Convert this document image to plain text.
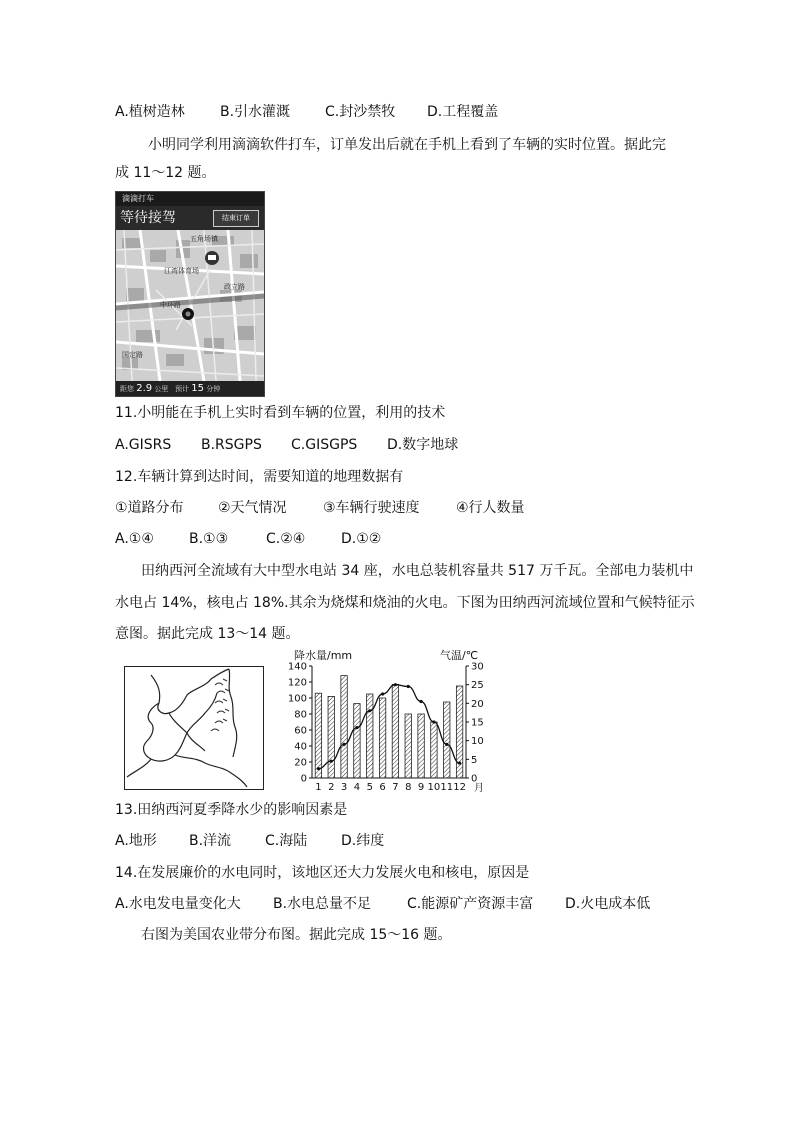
A.植树造林	B.引水灌溉 C.封沙禁牧 D.工程覆盖
小明同学利用滴滴软件打车，订单发出后就在手机上看到了车辆的实时位置。据此完
成 11～12 题。
滴滴打车
等待接驾	结束订单
五角场镇
中环路
江湾体育场
国定路
政立路
距您 2.9 公里 预计 15 分钟
11.小明能在手机上实时看到车辆的位置，利用的技术
A.GISRS B.RSGPS C.GISGPS D.数字地球
12.车辆计算到达时间，需要知道的地理数据有
①道路分布 ②天气情况	③车辆行驶速度	④行人数量
A.①④	B.①③	C.②④	D.①②
田纳西河全流域有大中型水电站 34 座，水电总装机容量共 517 万千瓦。全部电力装机中
水电占 14%，核电占 18%.其余为烧煤和烧油的火电。下图为田纳西河流域位置和气候特征示
意图。据此完成 13～14 题。
降水量/mm	气温/℃
月
0
20
40
60
80
100
120
140
0
5
10
15
20
25
30
1 2 3 4 5 6 7 8 9 10 11 12
13.田纳西河夏季降水少的影响因素是
A.地形 B.洋流 C.海陆 D.纬度
14.在发展廉价的水电同时，该地区还大力发展火电和核电，原因是
A.水电发电量变化大 B.水电总量不足	C.能源矿产资源丰富 D.火电成本低
右图为美国农业带分布图。据此完成 15～16 题。
